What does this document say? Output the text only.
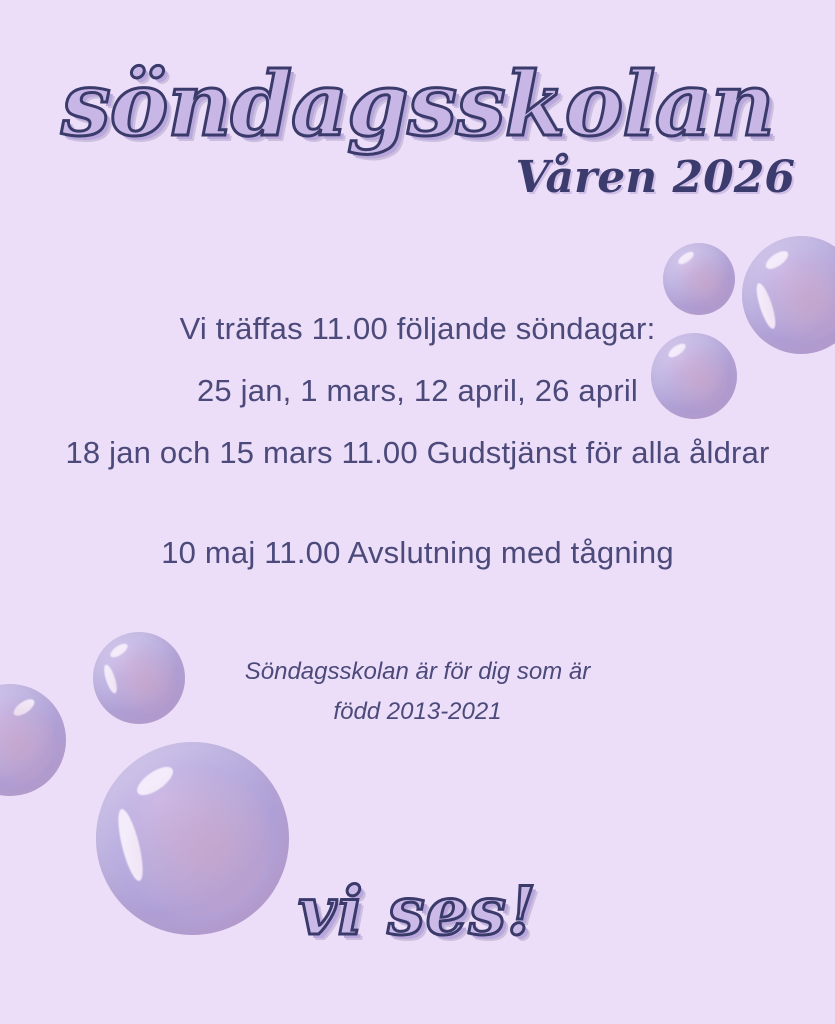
söndagsskolan
Våren 2026
Vi träffas 11.00 följande söndagar:
25 jan, 1 mars, 12 april, 26 april
18 jan och 15 mars 11.00 Gudstjänst för alla åldrar
10 maj 11.00 Avslutning med tågning
Söndagsskolan är för dig som är
född 2013-2021
vi ses!
